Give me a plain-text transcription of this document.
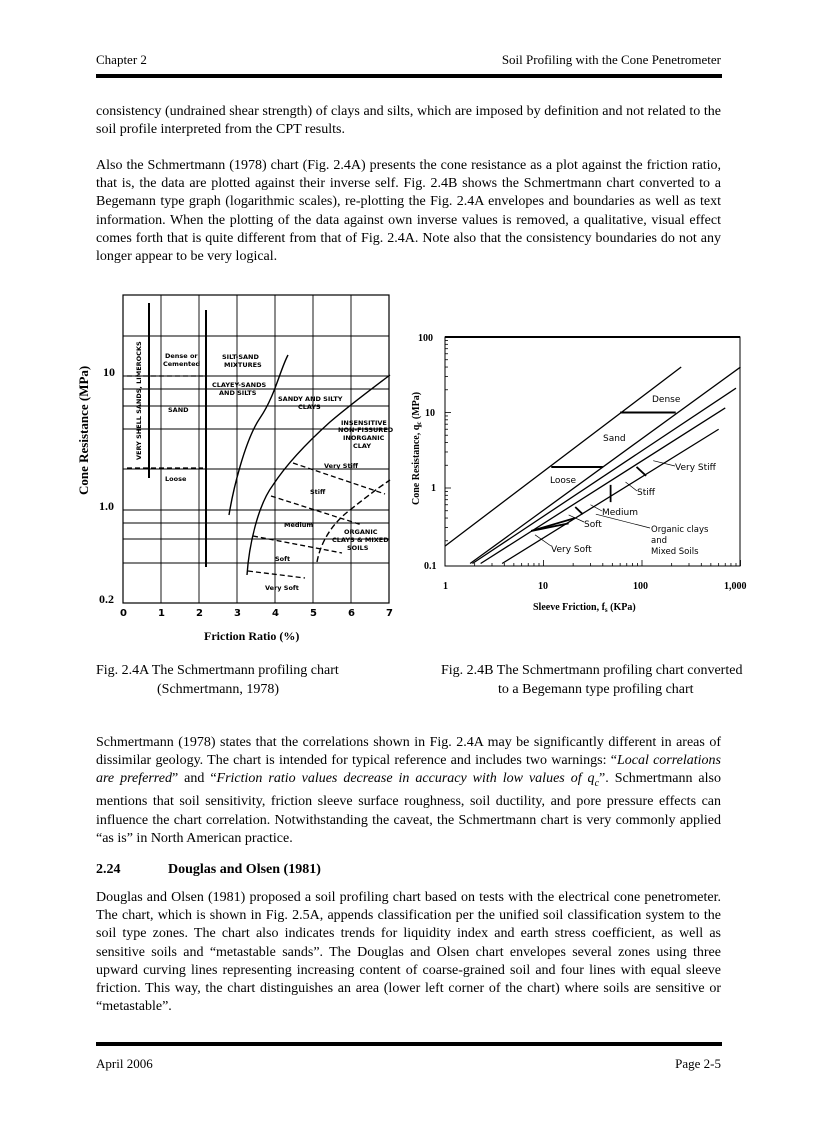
Chapter 2	Soil Profiling with the Cone Penetrometer
consistency (undrained shear strength) of clays and silts, which are imposed by definition and not related to the soil profile interpreted from the CPT results.
Also the Schmertmann (1978) chart (Fig. 2.4A) presents the cone resistance as a plot against the friction ratio, that is, the data are plotted against their inverse self. Fig. 2.4B shows the Schmertmann chart converted to a Begemann type graph (logarithmic scales), re-plotting the Fig. 2.4A envelopes and boundaries as well as text information. When the plotting of the data against own inverse values is removed, a qualitative, visual effect comes forth that is quite different from that of Fig. 2.4A. Note also that the consistency boundaries do not any longer appear to be very logical.
Cone Resistance (MPa)
Friction Ratio (%)
10
1.0
0.2
0	1	2	3	4	5	6	7
VERY SHELL SANDS, LIMEROCKS	Dense or
Cemented
SAND
Loose
SILT-SAND
MIXTURES
CLAYEY-SANDS
AND SILTS
SANDY AND SILTY
CLAYS
INSENSITIVE
NON-FISSURED
INORGANIC
CLAY
Very Stiff
Stiff
Medium
Soft
Very Soft
ORGANIC
CLAYS & MIXED
SOILS
Cone Resistance, $q_c$ (MPa)
Sleeve Friction, $f_s$ (KPa)
100
10
1
0.1
1	10	100	1,000
Dense
Sand
Loose
Very Stiff
Stiff
Medium
Soft
Very Soft
Organic clays
and
Mixed Soils
Fig. 2.4A The Schmertmann profiling chart
(Schmertmann, 1978)
Fig. 2.4B The Schmertmann profiling chart converted
to a Begemann type profiling chart
Schmertmann (1978) states that the correlations shown in Fig. 2.4A may be significantly different in areas of dissimilar geology. The chart is intended for typical reference and includes two warnings: “Local correlations are preferred” and “Friction ratio values decrease in accuracy with low values of $q_c$”. Schmertmann also mentions that soil sensitivity, friction sleeve surface roughness, soil ductility, and pore pressure effects can influence the chart correlation. Notwithstanding the caveat, the Schmertmann chart is very commonly applied “as is” in North American practice.
2.24	Douglas and Olsen (1981)
Douglas and Olsen (1981) proposed a soil profiling chart based on tests with the electrical cone penetrometer. The chart, which is shown in Fig. 2.5A, appends classification per the unified soil classification system to the soil type zones. The chart also indicates trends for liquidity index and earth stress coefficient, as well as sensitive soils and “metastable sands”. The Douglas and Olsen chart envelopes several zones using three upward curving lines representing increasing content of coarse-grained soil and four lines with equal sleeve friction. This way, the chart distinguishes an area (lower left corner of the chart) where soils are sensitive or “metastable”.
April 2006	Page 2-5
